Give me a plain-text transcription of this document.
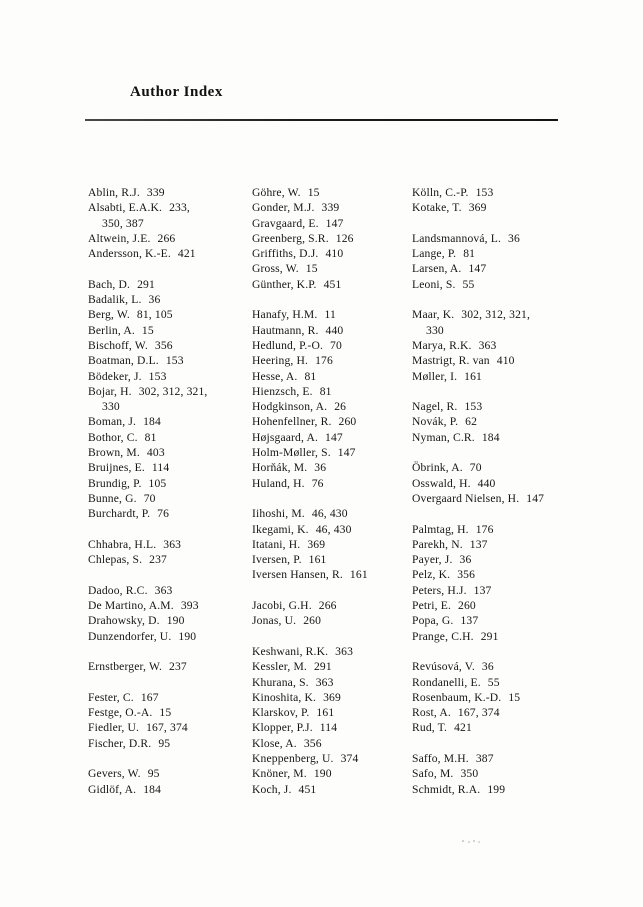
Author Index
Ablin, R.J. 339
Alsabti, E.A.K. 233,
350, 387
Altwein, J.E. 266
Andersson, K.-E. 421
Bach, D. 291
Badalik, L. 36
Berg, W. 81, 105
Berlin, A. 15
Bischoff, W. 356
Boatman, D.L. 153
Bödeker, J. 153
Bojar, H. 302, 312, 321,
330
Boman, J. 184
Bothor, C. 81
Brown, M. 403
Bruijnes, E. 114
Brundig, P. 105
Bunne, G. 70
Burchardt, P. 76
Chhabra, H.L. 363
Chlepas, S. 237
Dadoo, R.C. 363
De Martino, A.M. 393
Drahowsky, D. 190
Dunzendorfer, U. 190
Ernstberger, W. 237
Fester, C. 167
Festge, O.-A. 15
Fiedler, U. 167, 374
Fischer, D.R. 95
Gevers, W. 95
Gidlöf, A. 184
Göhre, W. 15
Gonder, M.J. 339
Gravgaard, E. 147
Greenberg, S.R. 126
Griffiths, D.J. 410
Gross, W. 15
Günther, K.P. 451
Hanafy, H.M. 11
Hautmann, R. 440
Hedlund, P.-O. 70
Heering, H. 176
Hesse, A. 81
Hienzsch, E. 81
Hodgkinson, A. 26
Hohenfellner, R. 260
Højsgaard, A. 147
Holm-Møller, S. 147
Horňák, M. 36
Huland, H. 76
Iihoshi, M. 46, 430
Ikegami, K. 46, 430
Itatani, H. 369
Iversen, P. 161
Iversen Hansen, R. 161
Jacobi, G.H. 266
Jonas, U. 260
Keshwani, R.K. 363
Kessler, M. 291
Khurana, S. 363
Kinoshita, K. 369
Klarskov, P. 161
Klopper, P.J. 114
Klose, A. 356
Kneppenberg, U. 374
Knöner, M. 190
Koch, J. 451
Kölln, C.-P. 153
Kotake, T. 369
Landsmannová, L. 36
Lange, P. 81
Larsen, A. 147
Leoni, S. 55
Maar, K. 302, 312, 321,
330
Marya, R.K. 363
Mastrigt, R. van 410
Møller, I. 161
Nagel, R. 153
Novák, P. 62
Nyman, C.R. 184
Öbrink, A. 70
Osswald, H. 440
Overgaard Nielsen, H. 147
Palmtag, H. 176
Parekh, N. 137
Payer, J. 36
Pelz, K. 356
Peters, H.J. 137
Petri, E. 260
Popa, G. 137
Prange, C.H. 291
Revúsová, V. 36
Rondanelli, E. 55
Rosenbaum, K.-D. 15
Rost, A. 167, 374
Rud, T. 421
Saffo, M.H. 387
Safo, M. 350
Schmidt, R.A. 199
